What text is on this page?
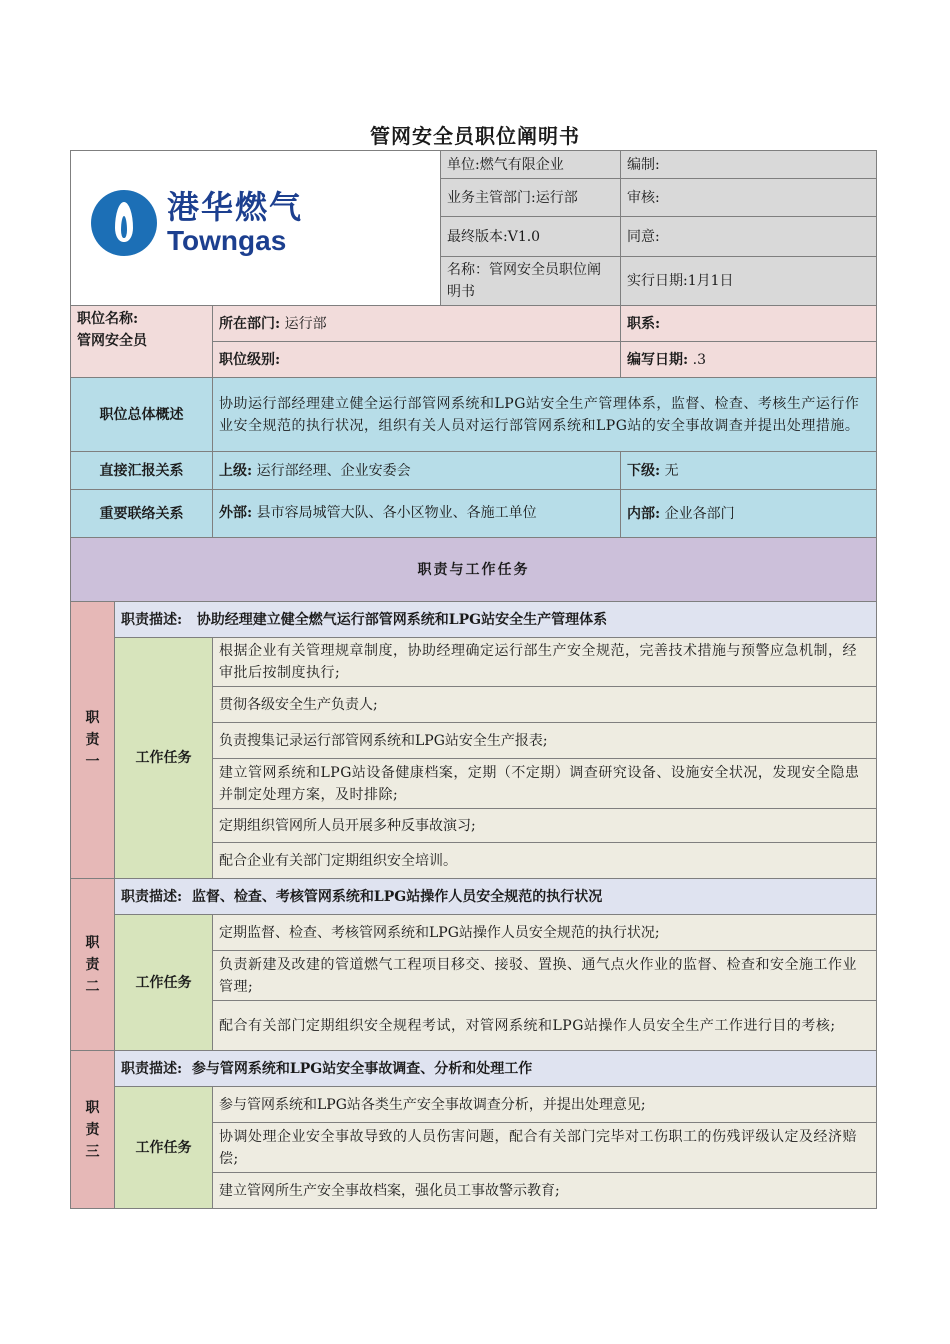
管网安全员职位阐明书
港华燃气
Towngas			单位:燃气有限企业	编制:
			业务主管部门:运行部	审核:
			最终版本:V1.0	同意:
			名称：管网安全员职位阐明书	实行日期:1月1日

职位名称:
管网安全员		所在部门: 运行部		职系:
		职位级别:		编写日期: .3
职位总体概述		协助运行部经理建立健全运行部管网系统和LPG站安全生产管理体系，监督、检查、考核生产运行作业安全规范的执行状况，组织有关人员对运行部管网系统和LPG站的安全事故调查并提出处理措施。		
直接汇报关系		上级: 运行部经理、企业安委会		下级: 无
重要联络关系		外部: 县市容局城管大队、各小区物业、各施工单位		内部: 企业各部门
职责与工作任务				

职
责
一	职责描述: 协助经理建立健全燃气运行部管网系统和LPG站安全生产管理体系			
	工作任务	根据企业有关管理规章制度，协助经理确定运行部生产安全规范，完善技术措施与预警应急机制，经审批后按制度执行;		
		贯彻各级安全生产负责人;		
		负责搜集记录运行部管网系统和LPG站安全生产报表;		
		建立管网系统和LPG站设备健康档案，定期（不定期）调查研究设备、设施安全状况，发现安全隐患并制定处理方案，及时排除;		
		定期组织管网所人员开展多种反事故演习;		
		配合企业有关部门定期组织安全培训。		

职
责
二	职责描述: 监督、检查、考核管网系统和LPG站操作人员安全规范的执行状况			
	工作任务	定期监督、检查、考核管网系统和LPG站操作人员安全规范的执行状况;		
		负责新建及改建的管道燃气工程项目移交、接驳、置换、通气点火作业的监督、检查和安全施工作业管理;		
		配合有关部门定期组织安全规程考试，对管网系统和LPG站操作人员安全生产工作进行目的考核;		

职
责
三	职责描述: 参与管网系统和LPG站安全事故调查、分析和处理工作			
	工作任务	参与管网系统和LPG站各类生产安全事故调查分析，并提出处理意见;		
		协调处理企业安全事故导致的人员伤害问题，配合有关部门完毕对工伤职工的伤残评级认定及经济赔偿;		
		建立管网所生产安全事故档案，强化员工事故警示教育;		
